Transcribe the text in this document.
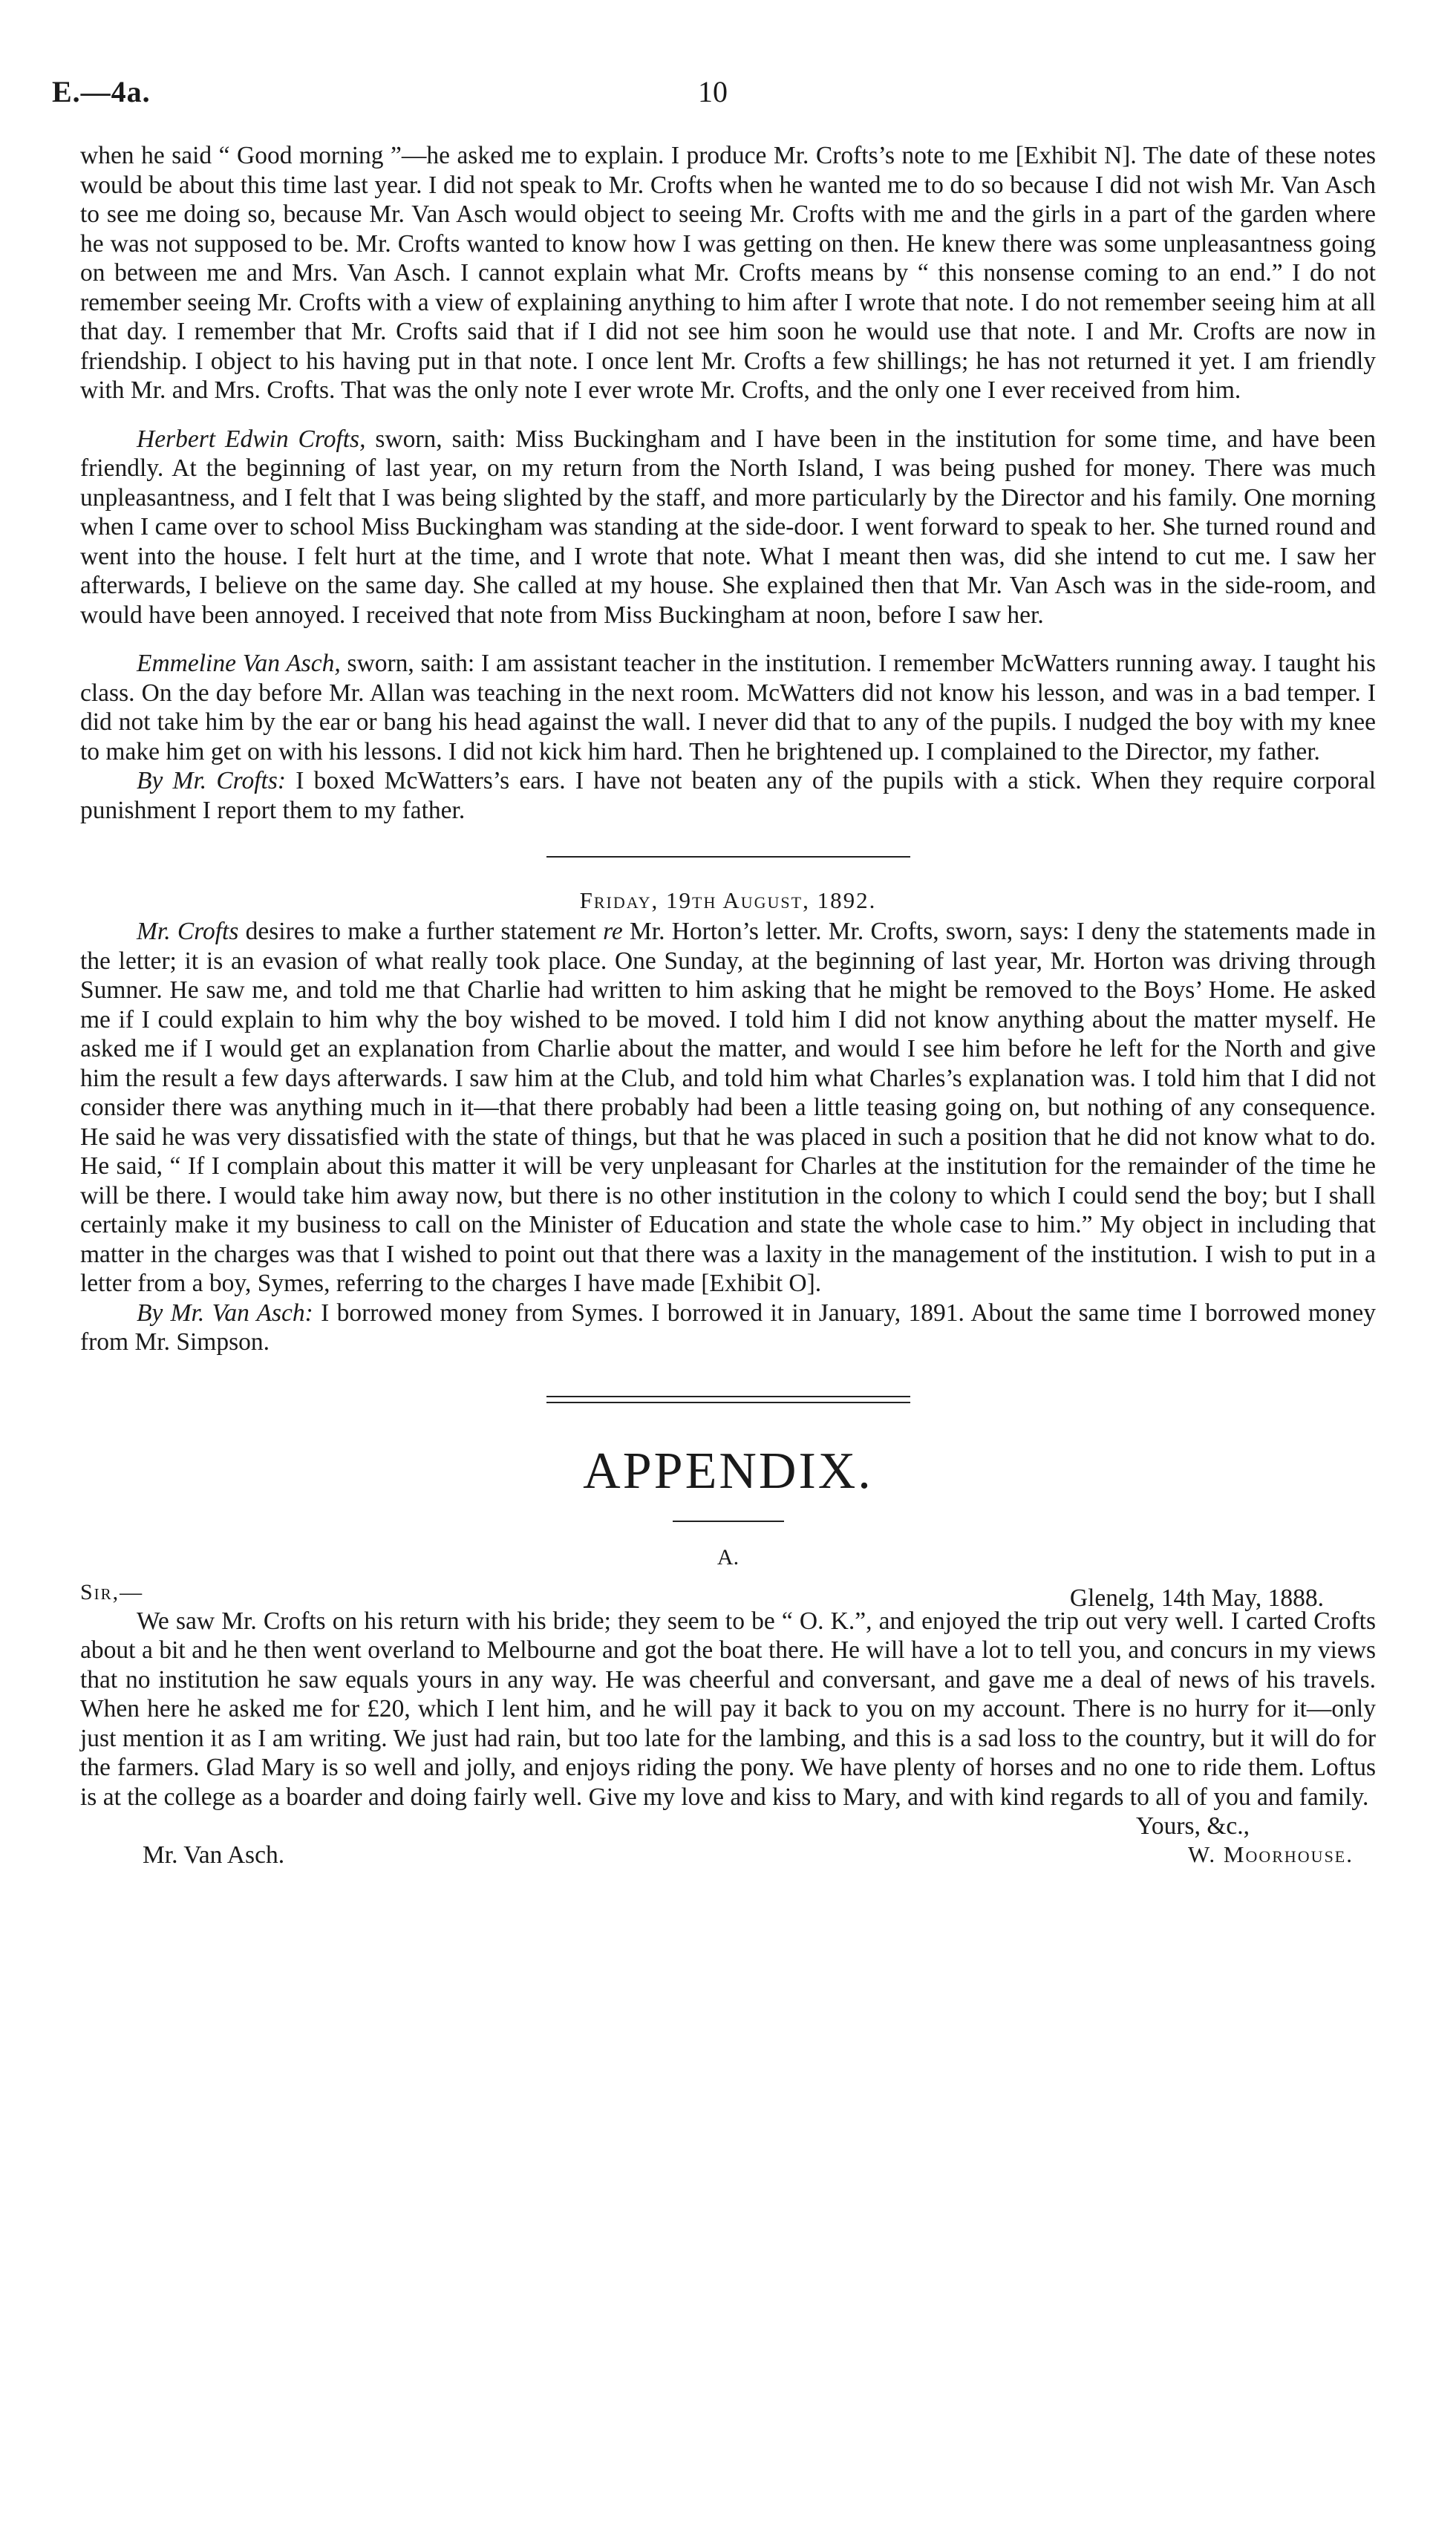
E.—4a.	10

when he said “ Good morning ”—he asked me to explain. I produce Mr. Crofts’s note to me [Exhibit N]. The date of these notes would be about this time last year. I did not speak to Mr. Crofts when he wanted me to do so because I did not wish Mr. Van Asch to see me doing so, because Mr. Van Asch would object to seeing Mr. Crofts with me and the girls in a part of the garden where he was not supposed to be. Mr. Crofts wanted to know how I was getting on then. He knew there was some unpleasantness going on between me and Mrs. Van Asch. I cannot explain what Mr. Crofts means by “ this nonsense coming to an end.” I do not remember seeing Mr. Crofts with a view of explaining anything to him after I wrote that note. I do not remember seeing him at all that day. I remember that Mr. Crofts said that if I did not see him soon he would use that note. I and Mr. Crofts are now in friendship. I object to his having put in that note. I once lent Mr. Crofts a few shillings; he has not returned it yet. I am friendly with Mr. and Mrs. Crofts. That was the only note I ever wrote Mr. Crofts, and the only one I ever received from him.

Herbert Edwin Crofts, sworn, saith: Miss Buckingham and I have been in the institution for some time, and have been friendly. At the beginning of last year, on my return from the North Island, I was being pushed for money. There was much unpleasantness, and I felt that I was being slighted by the staff, and more particularly by the Director and his family. One morning when I came over to school Miss Buckingham was standing at the side-door. I went forward to speak to her. She turned round and went into the house. I felt hurt at the time, and I wrote that note. What I meant then was, did she intend to cut me. I saw her afterwards, I believe on the same day. She called at my house. She explained then that Mr. Van Asch was in the side-room, and would have been annoyed. I received that note from Miss Buckingham at noon, before I saw her.

Emmeline Van Asch, sworn, saith: I am assistant teacher in the institution. I remember McWatters running away. I taught his class. On the day before Mr. Allan was teaching in the next room. McWatters did not know his lesson, and was in a bad temper. I did not take him by the ear or bang his head against the wall. I never did that to any of the pupils. I nudged the boy with my knee to make him get on with his lessons. I did not kick him hard. Then he brightened up. I complained to the Director, my father.

By Mr. Crofts: I boxed McWatters’s ears. I have not beaten any of the pupils with a stick. When they require corporal punishment I report them to my father.

Friday, 19th August, 1892.

Mr. Crofts desires to make a further statement re Mr. Horton’s letter. Mr. Crofts, sworn, says: I deny the statements made in the letter; it is an evasion of what really took place. One Sunday, at the beginning of last year, Mr. Horton was driving through Sumner. He saw me, and told me that Charlie had written to him asking that he might be removed to the Boys’ Home. He asked me if I could explain to him why the boy wished to be moved. I told him I did not know anything about the matter myself. He asked me if I would get an explanation from Charlie about the matter, and would I see him before he left for the North and give him the result a few days afterwards. I saw him at the Club, and told him what Charles’s explanation was. I told him that I did not consider there was anything much in it—that there probably had been a little teasing going on, but nothing of any consequence. He said he was very dissatisfied with the state of things, but that he was placed in such a position that he did not know what to do. He said, “ If I complain about this matter it will be very unpleasant for Charles at the institution for the remainder of the time he will be there. I would take him away now, but there is no other institution in the colony to which I could send the boy; but I shall certainly make it my business to call on the Minister of Education and state the whole case to him.” My object in including that matter in the charges was that I wished to point out that there was a laxity in the management of the institution. I wish to put in a letter from a boy, Symes, referring to the charges I have made [Exhibit O].

By Mr. Van Asch: I borrowed money from Symes. I borrowed it in January, 1891. About the same time I borrowed money from Mr. Simpson.

APPENDIX.
A.
Sir,—	Glenelg, 14th May, 1888.

We saw Mr. Crofts on his return with his bride; they seem to be “ O. K.”, and enjoyed the trip out very well. I carted Crofts about a bit and he then went overland to Melbourne and got the boat there. He will have a lot to tell you, and concurs in my views that no institution he saw equals yours in any way. He was cheerful and conversant, and gave me a deal of news of his travels. When here he asked me for £20, which I lent him, and he will pay it back to you on my account. There is no hurry for it—only just mention it as I am writing. We just had rain, but too late for the lambing, and this is a sad loss to the country, but it will do for the farmers. Glad Mary is so well and jolly, and enjoys riding the pony. We have plenty of horses and no one to ride them. Loftus is at the college as a boarder and doing fairly well. Give my love and kiss to Mary, and with kind regards to all of you and family.

Yours, &c.,
Mr. Van Asch.	W. Moorhouse.
